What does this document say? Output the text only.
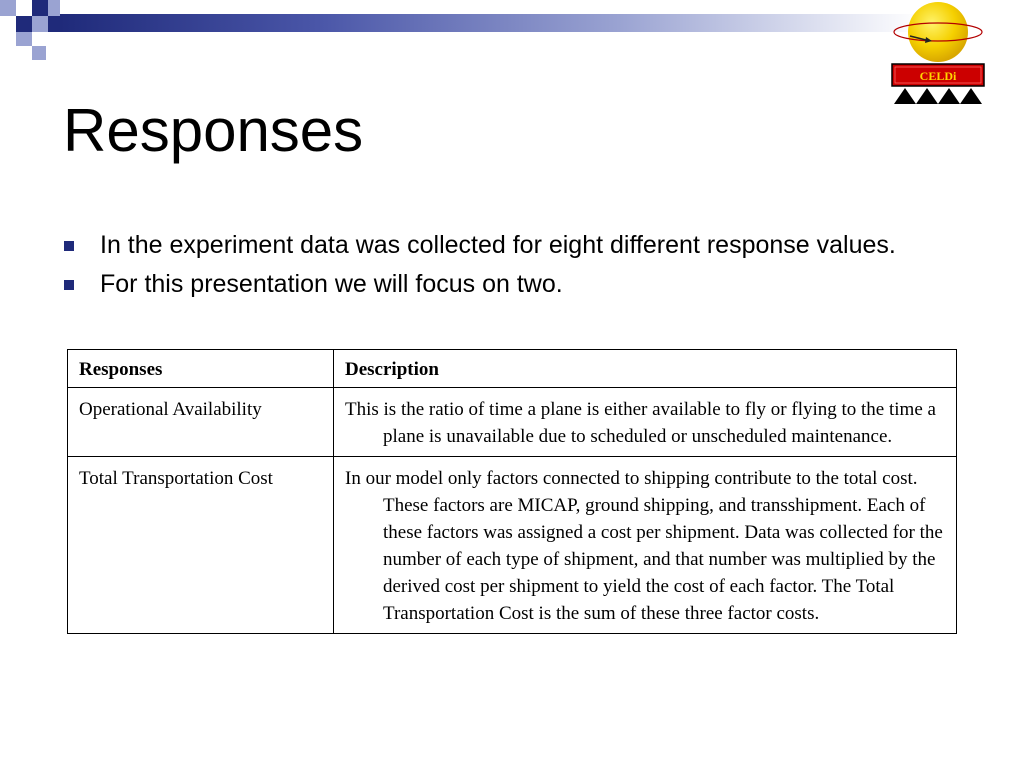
CELDi
Responses
In the experiment data was collected for eight different response values.
For this presentation we will focus on two.
Responses	Description
Operational Availability	This is the ratio of time a plane is either available to fly or flying to the time a plane is unavailable due to scheduled or unscheduled maintenance.

Total Transportation Cost	In our model only factors connected to shipping contribute to the total cost. These factors are MICAP, ground shipping, and transshipment. Each of these factors was assigned a cost per shipment. Data was collected for the number of each type of shipment, and that number was multiplied by the derived cost per shipment to yield the cost of each factor. The Total Transportation Cost is the sum of these three factor costs.
